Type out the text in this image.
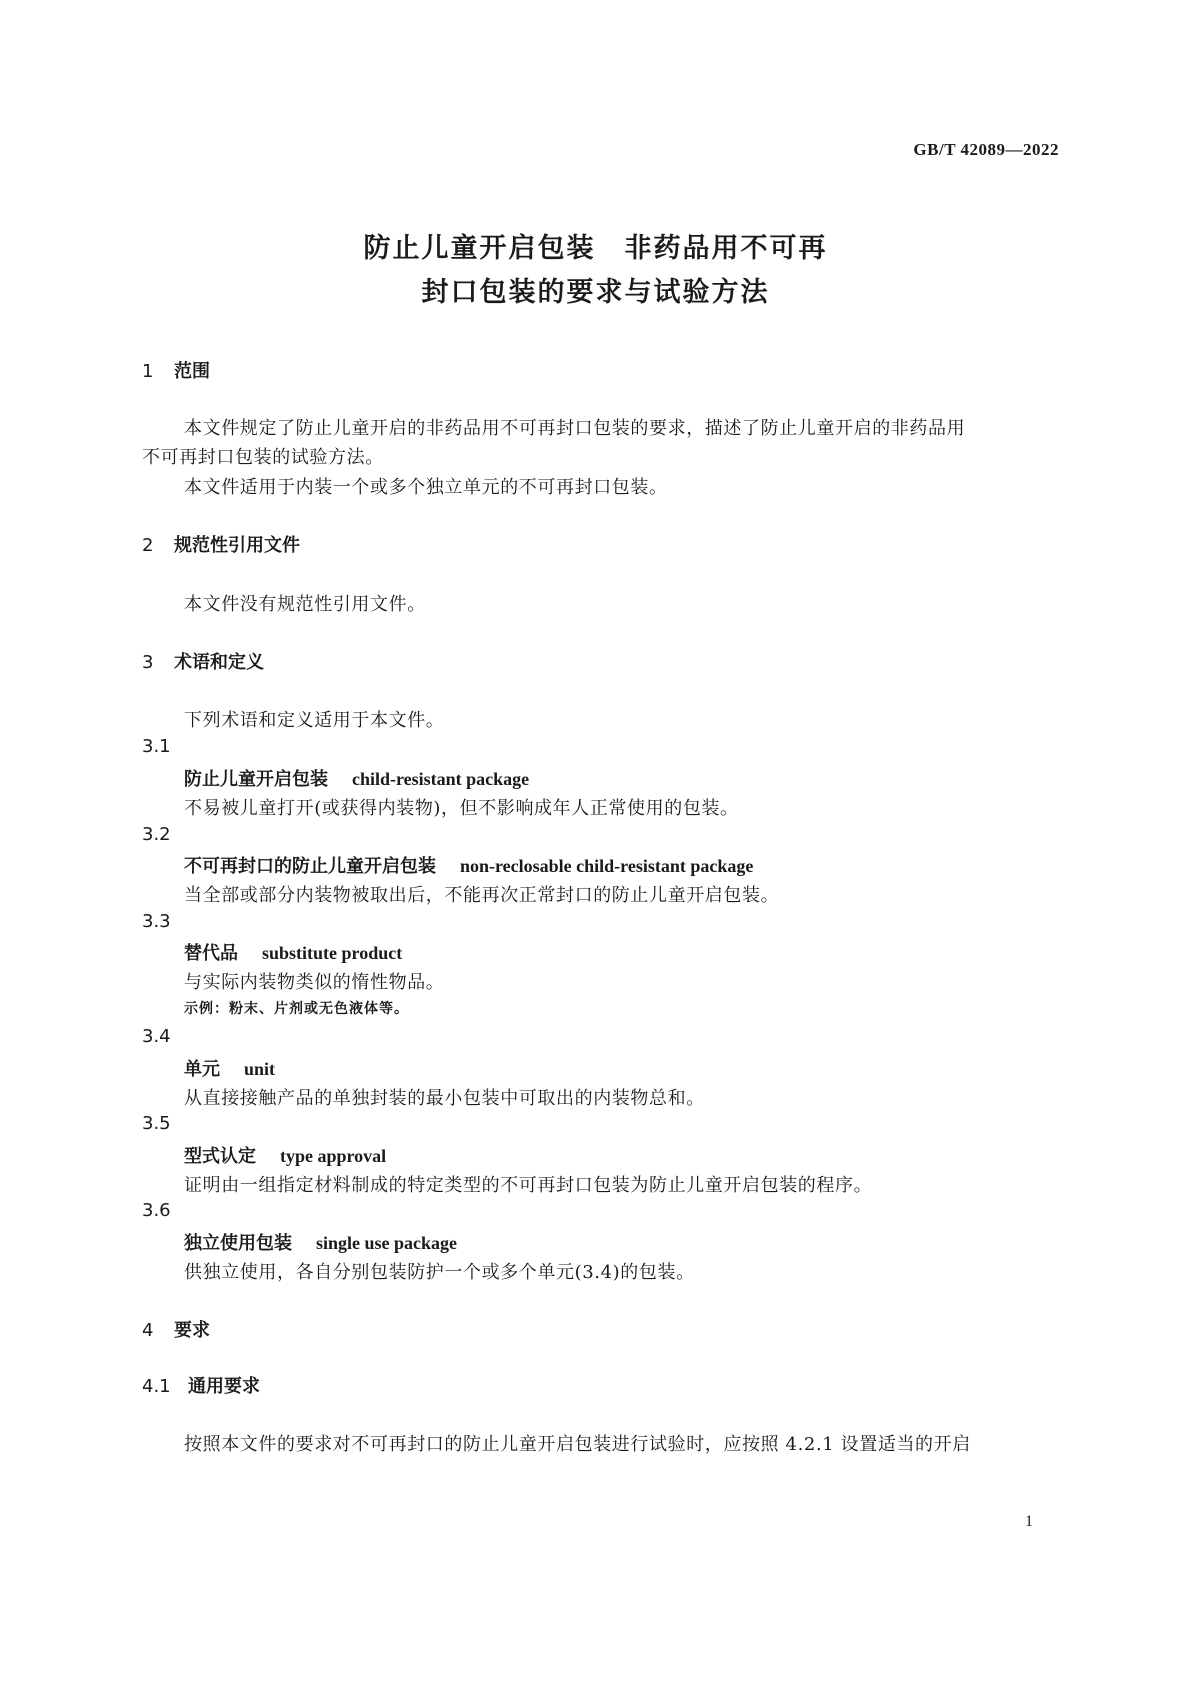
GB/T 42089—2022
防止儿童开启包装　非药品用不可再
封口包装的要求与试验方法
1 范围
本文件规定了防止儿童开启的非药品用不可再封口包装的要求，描述了防止儿童开启的非药品用
不可再封口包装的试验方法。
本文件适用于内装一个或多个独立单元的不可再封口包装。
2 规范性引用文件
本文件没有规范性引用文件。
3 术语和定义
下列术语和定义适用于本文件。
3.1
防止儿童开启包装 child-resistant package
不易被儿童打开(或获得内装物)，但不影响成年人正常使用的包装。
3.2
不可再封口的防止儿童开启包装 non-reclosable child-resistant package
当全部或部分内装物被取出后，不能再次正常封口的防止儿童开启包装。
3.3
替代品 substitute product
与实际内装物类似的惰性物品。
示例：粉末、片剂或无色液体等。
3.4
单元 unit
从直接接触产品的单独封装的最小包装中可取出的内装物总和。
3.5
型式认定 type approval
证明由一组指定材料制成的特定类型的不可再封口包装为防止儿童开启包装的程序。
3.6
独立使用包装 single use package
供独立使用，各自分别包装防护一个或多个单元(3.4)的包装。
4 要求
4.1 通用要求
按照本文件的要求对不可再封口的防止儿童开启包装进行试验时，应按照 4.2.1 设置适当的开启
1
